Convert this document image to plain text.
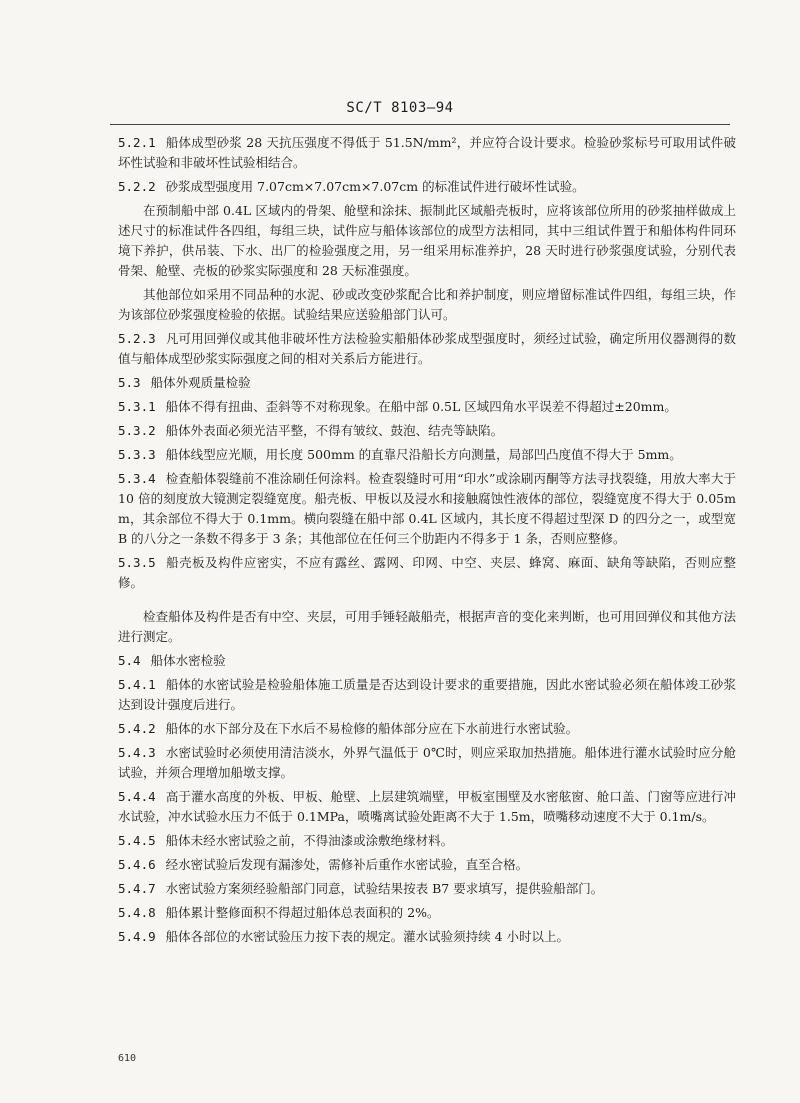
SC/T 8103—94

5.2.1 船体成型砂浆 28 天抗压强度不得低于 51.5N/mm²，并应符合设计要求。检验砂浆标号可取用试件破坏性试验和非破坏性试验相结合。

5.2.2 砂浆成型强度用 7.07cm×7.07cm×7.07cm 的标准试件进行破坏性试验。

在预制船中部 0.4L 区域内的骨架、舱壁和涂抹、振制此区域船壳板时，应将该部位所用的砂浆抽样做成上述尺寸的标准试件各四组，每组三块，试件应与船体该部位的成型方法相同，其中三组试件置于和船体构件同环境下养护，供吊装、下水、出厂的检验强度之用，另一组采用标准养护，28 天时进行砂浆强度试验，分别代表骨架、舱壁、壳板的砂浆实际强度和 28 天标准强度。

其他部位如采用不同品种的水泥、砂或改变砂浆配合比和养护制度，则应增留标准试件四组，每组三块，作为该部位砂浆强度检验的依据。试验结果应送验船部门认可。

5.2.3 凡可用回弹仪或其他非破坏性方法检验实船船体砂浆成型强度时，须经过试验，确定所用仪器测得的数值与船体成型砂浆实际强度之间的相对关系后方能进行。

5.3 船体外观质量检验

5.3.1 船体不得有扭曲、歪斜等不对称现象。在船中部 0.5L 区域四角水平误差不得超过±20mm。

5.3.2 船体外表面必须光洁平整，不得有皱纹、鼓泡、结壳等缺陷。

5.3.3 船体线型应光顺，用长度 500mm 的直靠尺沿船长方向测量，局部凹凸度值不得大于 5mm。

5.3.4 检查船体裂缝前不准涂刷任何涂料。检查裂缝时可用“印水”或涂刷丙酮等方法寻找裂缝，用放大率大于 10 倍的刻度放大镜测定裂缝宽度。船壳板、甲板以及浸水和接触腐蚀性液体的部位，裂缝宽度不得大于 0.05mm，其余部位不得大于 0.1mm。横向裂缝在船中部 0.4L 区域内，其长度不得超过型深 D 的四分之一，或型宽 B 的八分之一条数不得多于 3 条；其他部位在任何三个肋距内不得多于 1 条，否则应整修。

5.3.5 船壳板及构件应密实，不应有露丝、露网、印网、中空、夹层、蜂窝、麻面、缺角等缺陷，否则应整修。

检查船体及构件是否有中空、夹层，可用手锤轻敲船壳，根据声音的变化来判断，也可用回弹仪和其他方法进行测定。

5.4 船体水密检验

5.4.1 船体的水密试验是检验船体施工质量是否达到设计要求的重要措施，因此水密试验必须在船体竣工砂浆达到设计强度后进行。

5.4.2 船体的水下部分及在下水后不易检修的船体部分应在下水前进行水密试验。

5.4.3 水密试验时必须使用清洁淡水，外界气温低于 0℃时，则应采取加热措施。船体进行灌水试验时应分舱试验，并须合理增加船墩支撑。

5.4.4 高于灌水高度的外板、甲板、舱壁、上层建筑端壁，甲板室围壁及水密舷窗、舱口盖、门窗等应进行冲水试验，冲水试验水压力不低于 0.1MPa，喷嘴离试验处距离不大于 1.5m，喷嘴移动速度不大于 0.1m/s。

5.4.5 船体未经水密试验之前，不得油漆或涂敷绝缘材料。

5.4.6 经水密试验后发现有漏渗处，需修补后重作水密试验，直至合格。

5.4.7 水密试验方案须经验船部门同意，试验结果按表 B7 要求填写，提供验船部门。

5.4.8 船体累计整修面积不得超过船体总表面积的 2%。

5.4.9 船体各部位的水密试验压力按下表的规定。灌水试验须持续 4 小时以上。

610
